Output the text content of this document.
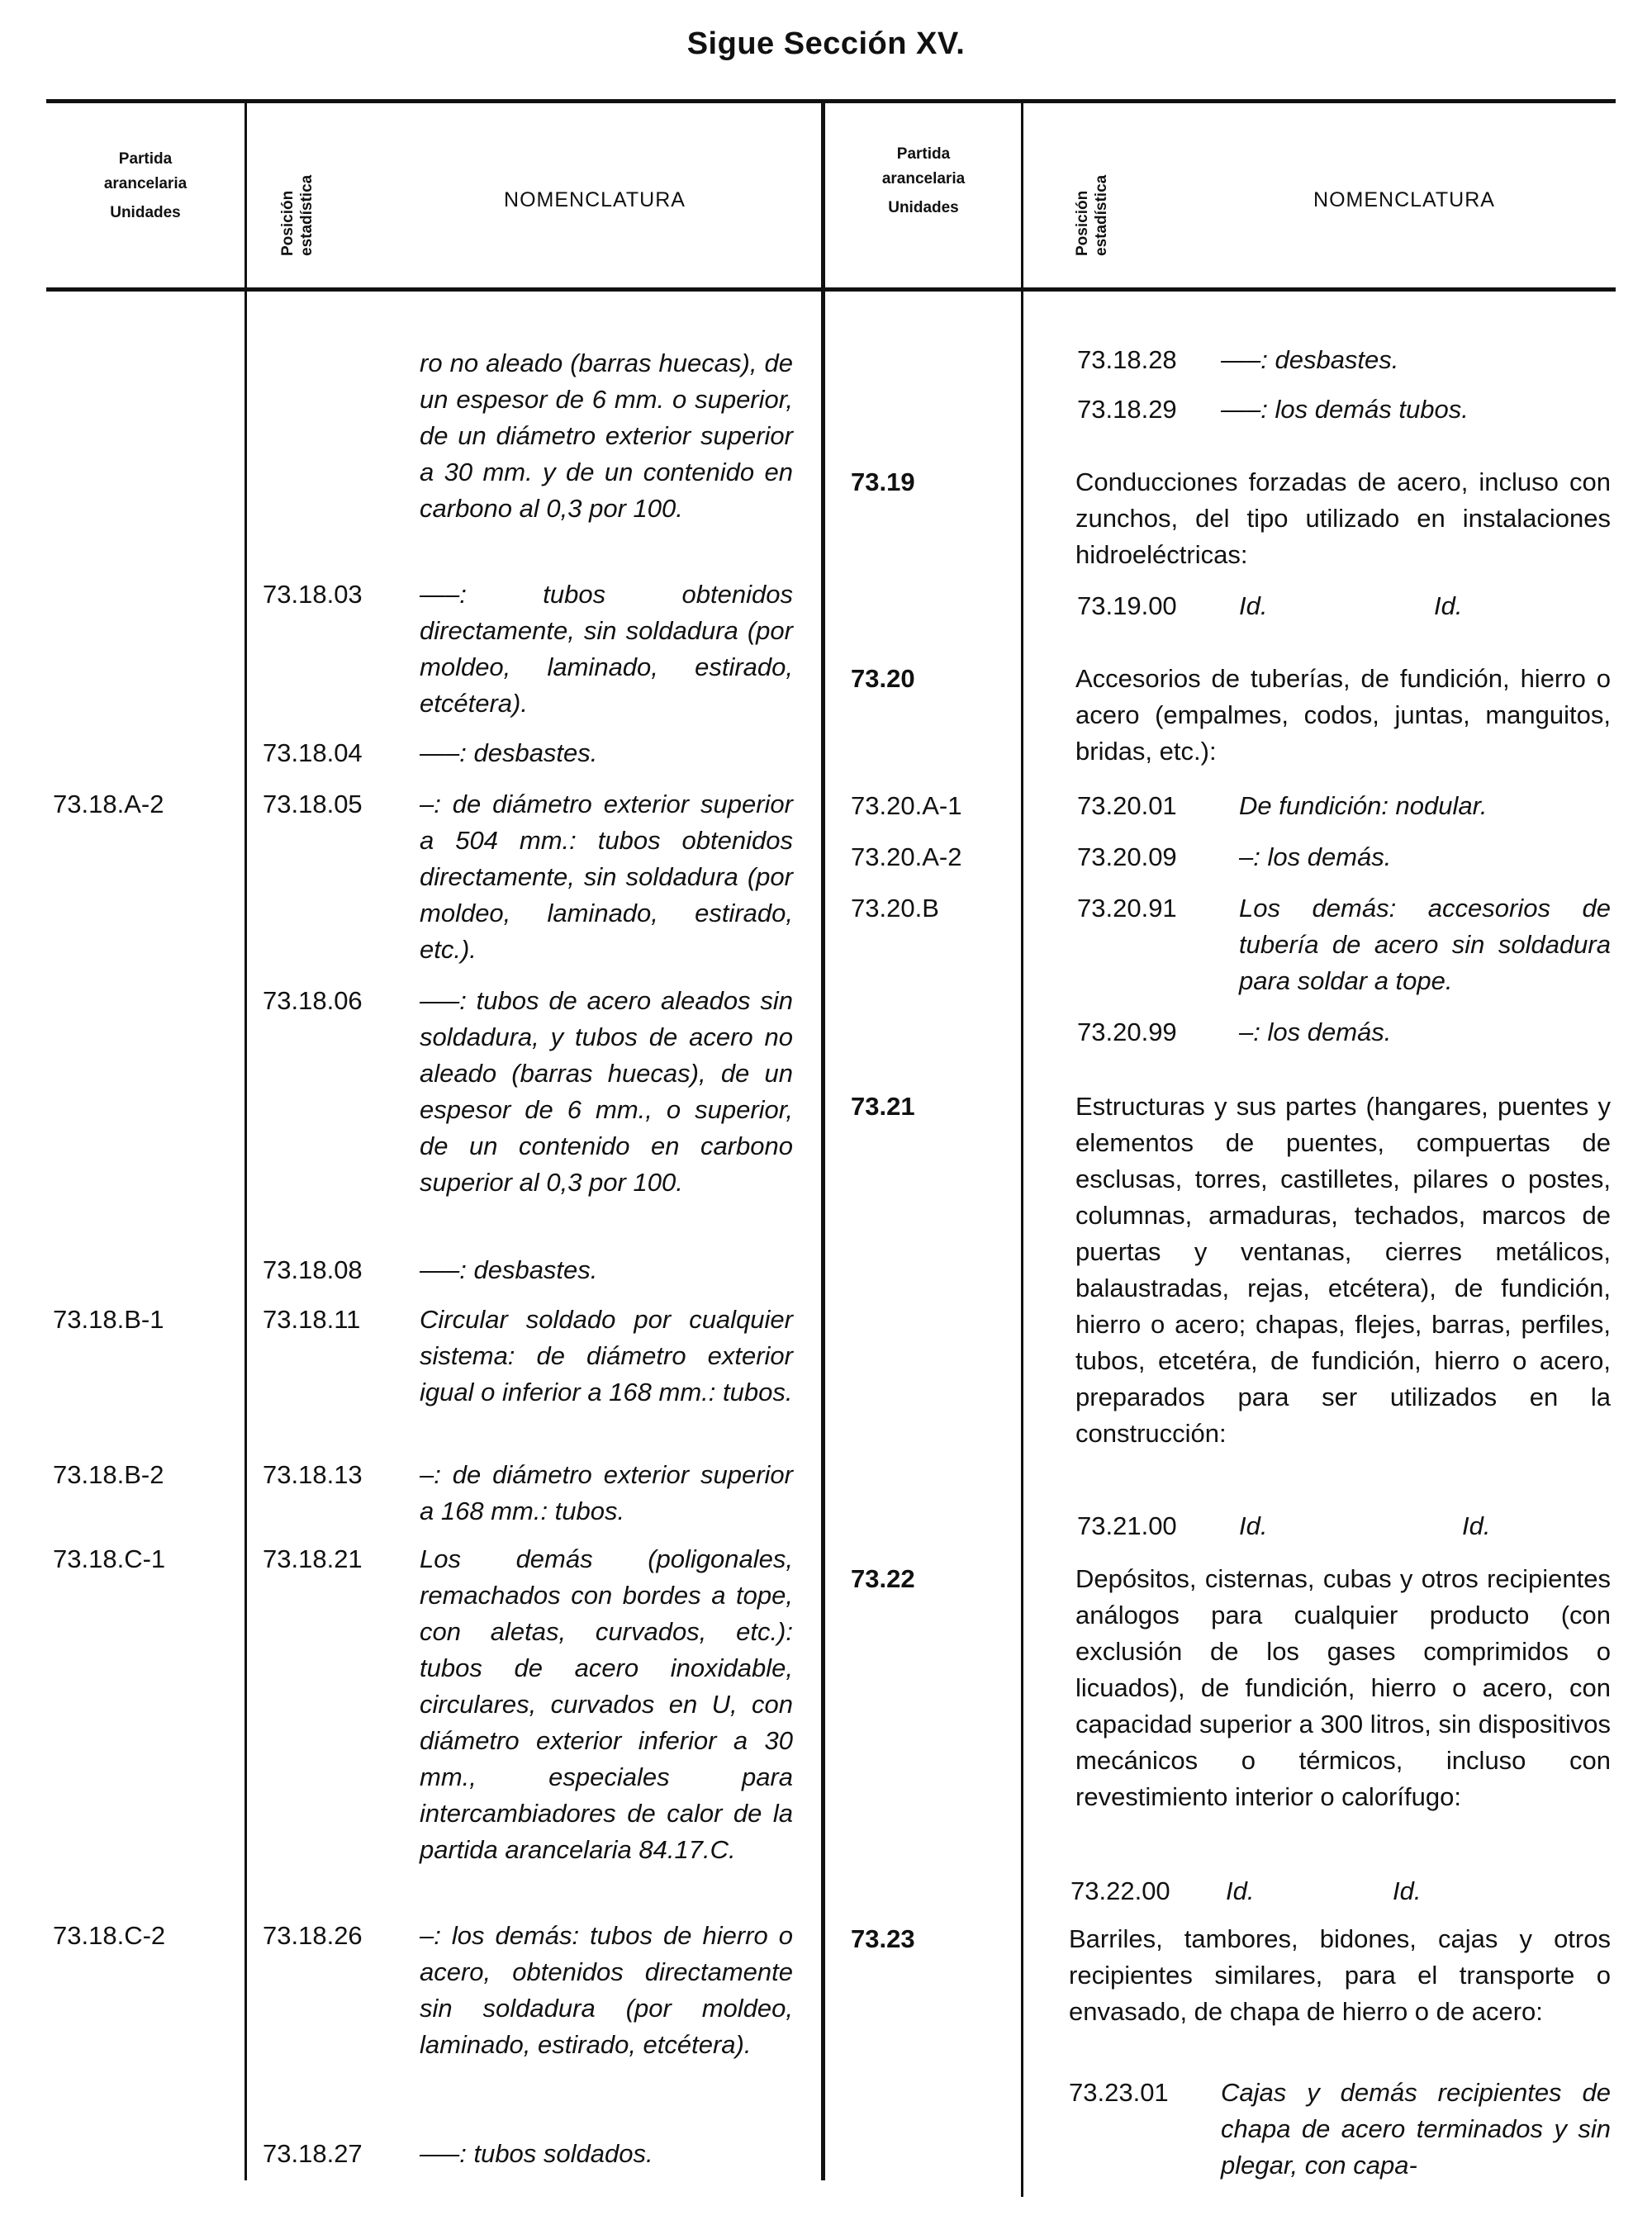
Sigue Sección XV.
Partida
arancelaria
Unidades	Posición estadística	NOMENCLATURA
Partida
arancelaria
Unidades	Posición estadística	NOMENCLATURA
ro no aleado (barras huecas), de un espesor de 6 mm. o superior, de un diámetro exterior superior a 30 mm. y de un contenido en carbono al 0,3 por 100.
73.18.03 —–: tubos obtenidos directamente, sin soldadura (por moldeo, laminado, estirado, etcétera).
73.18.04 —–: desbastes.
73.18.A-2	73.18.05 –: de diámetro exterior superior a 504 mm.: tubos obtenidos directamente, sin soldadura (por moldeo, laminado, estirado, etc.).
73.18.06 —–: tubos de acero aleados sin soldadura, y tubos de acero no aleado (barras huecas), de un espesor de 6 mm., o superior, de un contenido en carbono superior al 0,3 por 100.
73.18.08 —–: desbastes.
73.18.B-1	73.18.11 Circular soldado por cualquier sistema: de diámetro exterior igual o inferior a 168 mm.: tubos.
73.18.B-2	73.18.13 –: de diámetro exterior superior a 168 mm.: tubos.
73.18.C-1	73.18.21 Los demás (poligonales, remachados con bordes a tope, con aletas, curvados, etc.): tubos de acero inoxidable, circulares, curvados en U, con diámetro exterior inferior a 30 mm., especiales para intercambiadores de calor de la partida arancelaria 84.17.C.
73.18.C-2	73.18.26 –: los demás: tubos de hierro o acero, obtenidos directamente sin soldadura (por moldeo, laminado, estirado, etcétera).
73.18.27 —–: tubos soldados.
73.18.28 —–: desbastes.
73.18.29 —–: los demás tubos.
73.19	Conducciones forzadas de acero, incluso con zunchos, del tipo utilizado en instalaciones hidroeléctricas:
73.19.00 Id.	Id.
73.20	Accesorios de tuberías, de fundición, hierro o acero (empalmes, codos, juntas, manguitos, bridas, etc.):
73.20.A-1	73.20.01 De fundición: nodular.
73.20.A-2	73.20.09 –: los demás.
73.20.B	73.20.91 Los demás: accesorios de tubería de acero sin soldadura para soldar a tope.
73.20.99 –: los demás.
73.21	Estructuras y sus partes (hangares, puentes y elementos de puentes, compuertas de esclusas, torres, castilletes, pilares o postes, columnas, armaduras, techados, marcos de puertas y ventanas, cierres metálicos, balaustradas, rejas, etcétera), de fundición, hierro o acero; chapas, flejes, barras, perfiles, tubos, etcetéra, de fundición, hierro o acero, preparados para ser utilizados en la construcción:
73.21.00 Id.	Id.
73.22	Depósitos, cisternas, cubas y otros recipientes análogos para cualquier producto (con exclusión de los gases comprimidos o licuados), de fundición, hierro o acero, con capacidad superior a 300 litros, sin dispositivos mecánicos o térmicos, incluso con revestimiento interior o calorífugo:
73.22.00 Id.	Id.
73.23	Barriles, tambores, bidones, cajas y otros recipientes similares, para el transporte o envasado, de chapa de hierro o de acero:
73.23.01 Cajas y demás recipientes de chapa de acero terminados y sin plegar, con capa-
